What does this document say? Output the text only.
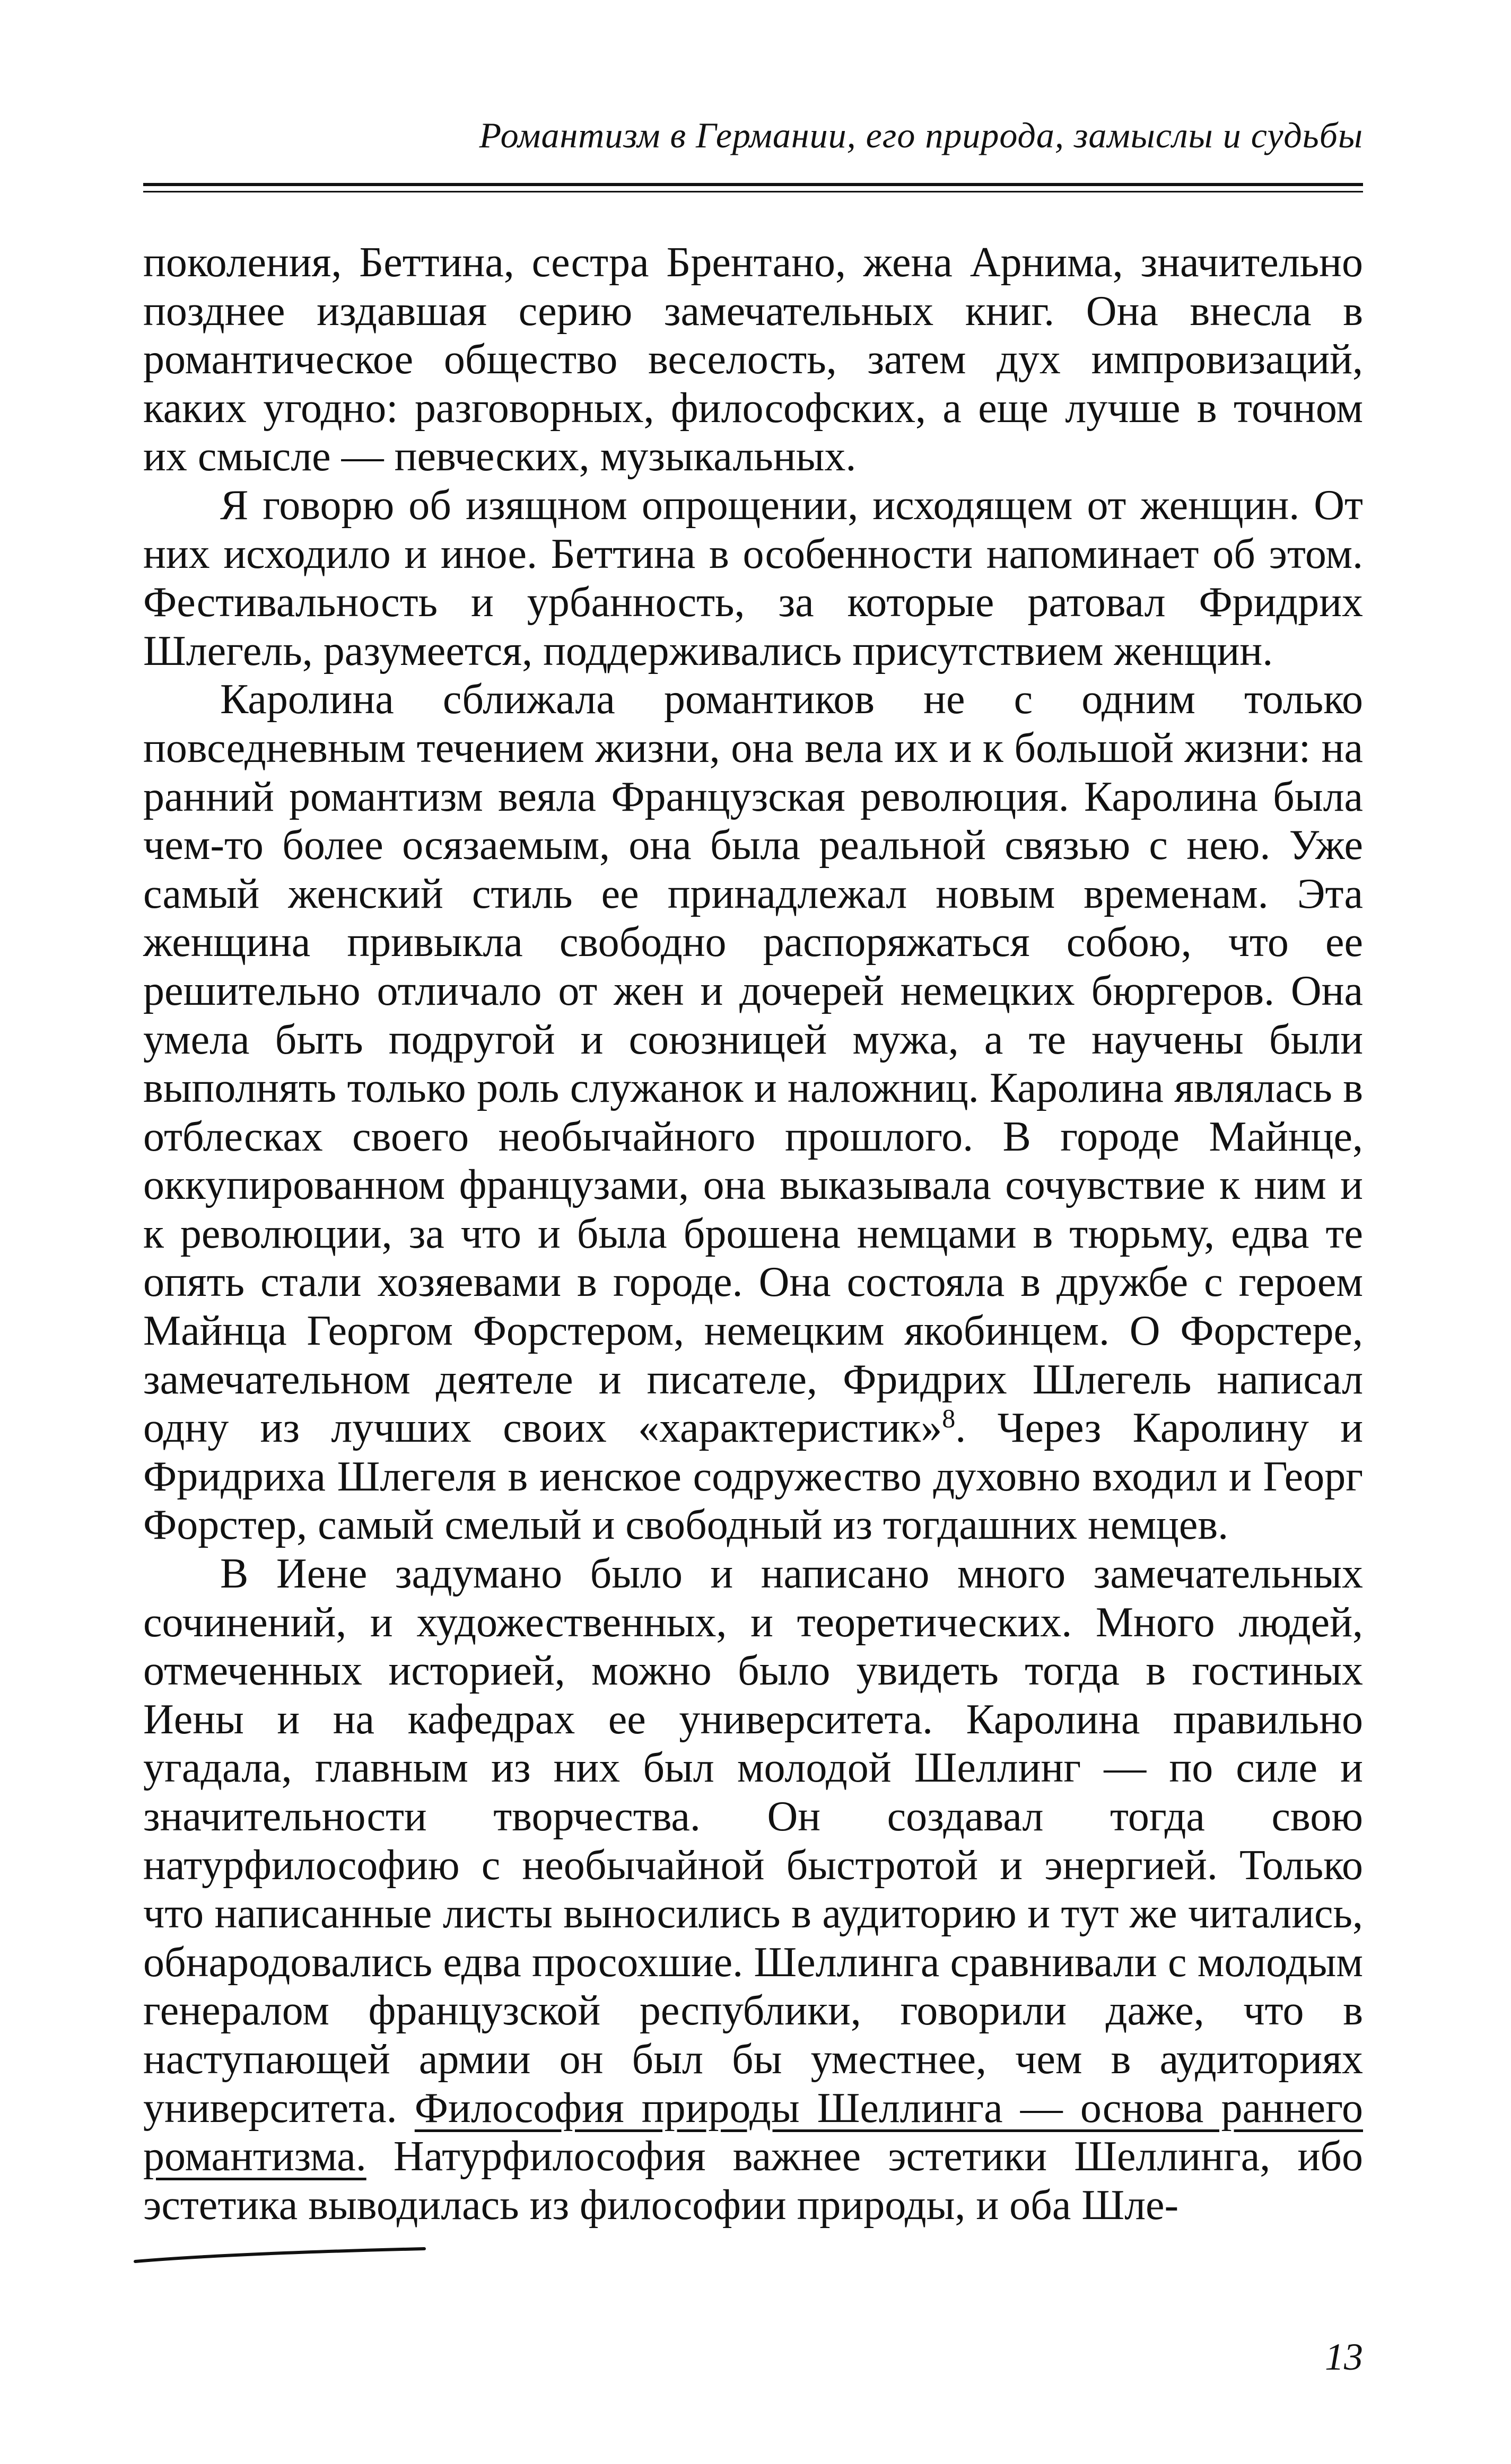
Романтизм в Германии, его природа, замыслы и судьбы

поколения, Беттина, сестра Брентано, жена Арнима, значительно позднее издавшая серию замечательных книг. Она внесла в романтическое общество веселость, затем дух импровизаций, каких угодно: разговорных, философских, а еще лучше в точном их смысле — певческих, музыкальных.

Я говорю об изящном опрощении, исходящем от женщин. От них исходило и иное. Беттина в особенности напоминает об этом. Фестивальность и урбанность, за которые ратовал Фридрих Шлегель, разумеется, поддерживались присутствием женщин.

Каролина сближала романтиков не с одним только повседневным течением жизни, она вела их и к большой жизни: на ранний романтизм веяла Французская революция. Каролина была чем-то более осязаемым, она была реальной связью с нею. Уже самый женский стиль ее принадлежал новым временам. Эта женщина привыкла свободно распоряжаться собою, что ее решительно отличало от жен и дочерей немецких бюргеров. Она умела быть подругой и союзницей мужа, а те научены были выполнять только роль служанок и наложниц. Каролина являлась в отблесках своего необычайного прошлого. В городе Майнце, оккупированном французами, она выказывала сочувствие к ним и к революции, за что и была брошена немцами в тюрьму, едва те опять стали хозяевами в городе. Она состояла в дружбе с героем Майнца Георгом Форстером, немецким якобинцем. О Форстере, замечательном деятеле и писателе, Фридрих Шлегель написал одну из лучших своих «характеристик»$^8$. Через Каролину и Фридриха Шлегеля в иенское содружество духовно входил и Георг Форстер, самый смелый и свободный из тогдашних немцев.

В Иене задумано было и написано много замечательных сочинений, и художественных, и теоретических. Много людей, отмеченных историей, можно было увидеть тогда в гостиных Иены и на кафедрах ее университета. Каролина правильно угадала, главным из них был молодой Шеллинг — по силе и значительности творчества. Он создавал тогда свою натурфилософию с необычайной быстротой и энергией. Только что написанные листы выносились в аудиторию и тут же читались, обнародовались едва просохшие. Шеллинга сравнивали с молодым генералом французской республики, говорили даже, что в наступающей армии он был бы уместнее, чем в аудиториях университета. Философия природы Шеллинга — основа раннего романтизма. Натурфилософия важнее эстетики Шеллинга, ибо эстетика выводилась из философии природы, и оба Шле-

13
